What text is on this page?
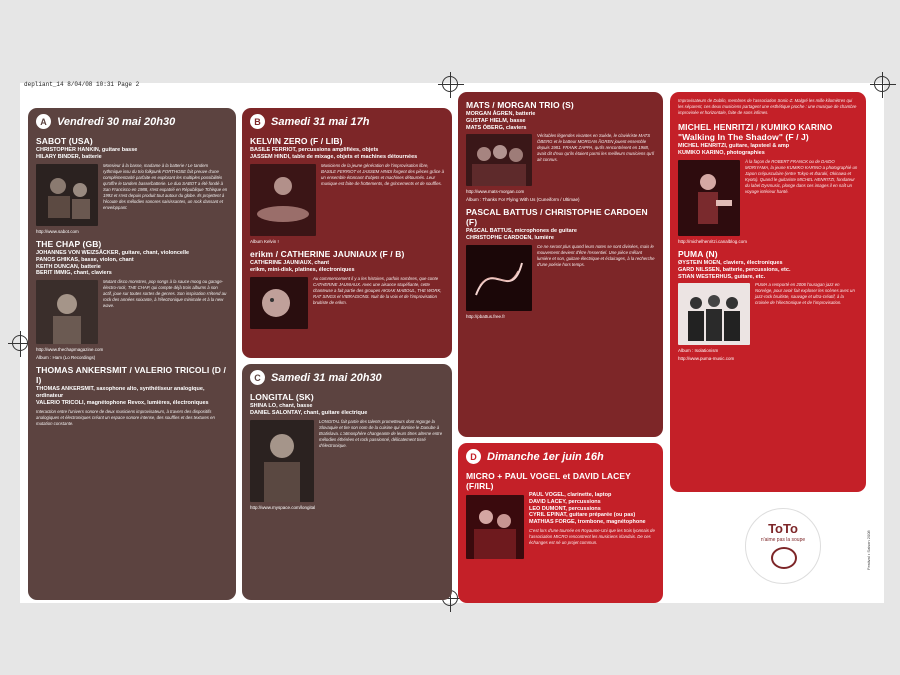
depliant_14 8/04/08 10:31 Page 2
A Vendredi 30 mai 20h30
SABOT (USA)
CHRISTOPHER HANKIN, guitare basse
HILARY BINDER, batterie
Monsieur à la basse, madame à la batterie ! Le tandem rythmique issu du trio folkpunk FORTHOSE fait preuve d'une complémentarité parfaite en explorant les multiples possibilités qu'offre le tandem basse/batterie. Le duo SABOT a été fondé à San Francisco en 1988, s'est expatrié en République Tchèque en 1993 et s'est depuis produit tout autour du globe. Ils projettent à l'écoute des mélodies sonores saisissantes, un rock dansant et enveloppant.
http://www.sabot.com
THE CHAP (GB)
JOHANNES VON WEIZSÄCKER, guitare, chant, violoncelle
PANOS GHIKAS, basse, violon, chant
KEITH DUNCAN, batterie
BERIT IMMIG, chant, claviers
Mutant disco monstres, pop songs à la sauce moog ou garage-électro-rock, THE CHAP, qui compte déjà trois albums à son actif, joue sur toutes sortes de genres. Son inspiration s'étend au rock des années soixante, à l'électronique minimale et à la new wave.
http://www.thechapmagazine.com
Álbum : Ham (Lo Recordings)
THOMAS ANKERSMIT / VALERIO TRICOLI (D / I)
THOMAS ANKERSMIT, saxophone alto, synthétiseur analogique, ordinateur
VALERIO TRICOLI, magnétophone Revox, lumières, électroniques
Interaction entre l'univers sonore de deux musiciens improvisateurs, à travers des dispositifs analogiques et électroniques créant un espace sonore intense, des souffles et des textures en mutation constante.
B Samedi 31 mai 17h
KELVIN ZERO (F / LIB)
BASILE FERRIOT, percussions amplifiées, objets
JASSEM HINDI, table de mixage, objets et machines détournées
Musiciens de la jeune génération de l'improvisation libre, BASILE FERRIOT et JASSEM HINDI forgent des pièces grâce à un ensemble étonnant d'objets et machines détournés. Leur musique est faite de frottements, de grincements et de souffles.
Album Kelvin !
erikm / CATHERINE JAUNIAUX (F / B)
CATHERINE JAUNIAUX, chant
erikm, mini-disk, platines, électroniques
Au commencement il y a les histoires, parfois sombres, que conte CATHERINE JAUNIAUX. Avec une aisance stupéfiante, cette chanteuse a fait partie des groupes AKSAK MABOUL, THE WORK, RAT SINGS et VIBRAGIONS. Nuit de la voix et de l'improvisation bruitiste de erikm.
C Samedi 31 mai 20h30
LONGITAL (SK)
SHINA LO, chant, basse
DANIEL SALONTAY, chant, guitare électrique
LONGITAL fait partie des talents prometteurs dont regorge la Slovaquie et tire son nom de la cuisine qui domine le Danube à Bratislava. L'atmosphère changeante de leurs titres alterne entre mélodies éthérées et rock passionné, délicatement tissé d'électronique.
http://www.myspace.com/longital
MATS / MORGAN TRIO (S)
MORGAN ÅGREN, batterie
GUSTAF HIELM, basse
MATS ÖBERG, claviers
Véritables légendes vivantes en Suède, le claviériste MATS ÖBERG et le batteur MORGAN ÅGREN jouent ensemble depuis 1981. FRANK ZAPPA, qu'ils rencontrèrent en 1988, avait dit d'eux qu'ils étaient parmi les meilleurs musiciens qu'il ait connus.
http://www.mats-morgan.com
Álbum : Thanks For Flying With Us (Cuneiform / Ultimae)
PASCAL BATTUS / CHRISTOPHE CARDOEN (F)
PASCAL BATTUS, microphones de guitare
CHRISTOPHE CARDOEN, lumière
Ce ne seront plus quand leurs notes se sont divisées, mais le mouvement devient d'être l'essentiel. Une pièce mêlant lumière et son, guitare électrique et éclairages, à la recherche d'une poésie hors temps.
http://pbattus.free.fr
D Dimanche 1er juin 16h
MICRO + PAUL VOGEL et DAVID LACEY (F/IRL)
PAUL VOGEL, clarinette, laptop
DAVID LACEY, percussions
LEO DUMONT, percussions
CYRIL EPINAT, guitare préparée (ou pas)
MATHIAS FORGE, trombone, magnétophone
C'est lors d'une tournée en Royaume-Uni que les trois lyonnais de l'association MICRO rencontrent les musiciens irlandais. De ces échanges est né un projet commun.
Improvisateurs de Dublin, membres de l'association Sonic-Z. Malgré les mille kilomètres qui les séparent, ces deux musiciens partagent une esthétique proche : une musique de chambre improvisée et horizontale, faite de sons infimes.
MICHEL HENRITZI / KUMIKO KARINO "Walking In The Shadow" (F / J)
MICHEL HENRITZI, guitare, lapsteel & amp
KUMIKO KARINO, photographies
À la façon de ROBERT FRANCK ou de DAIDO MORIYAMA, la jeune KUMIKO KARINO a photographié un Japon crépusculaire (entre Tokyo et Ibaraki, Okinawa et Kyoto). Quand le guitariste MICHEL HENRITZI, fondateur du label Dysmusic, plonge dans ces images il en naît un voyage intérieur hanté.
http://michelhenritzi.canalblog.com
PUMA (N)
ØYSTEIN MOEN, claviers, électroniques
GARD NILSSEN, batterie, percussions, etc.
STIAN WESTERHUS, guitare, etc.
PUMA a remporté en 2006 l'ouragan jazz en Norvège, pour avoir fait exploser les scènes avec un jazz-rock bruitiste, sauvage et ultra-créatif, à la croisée de l'électronique et de l'improvisation.
Album : Isolationism
http://www.puma-music.com
ToTo
n'aime pas la soupe	Festival • Saison 2008
